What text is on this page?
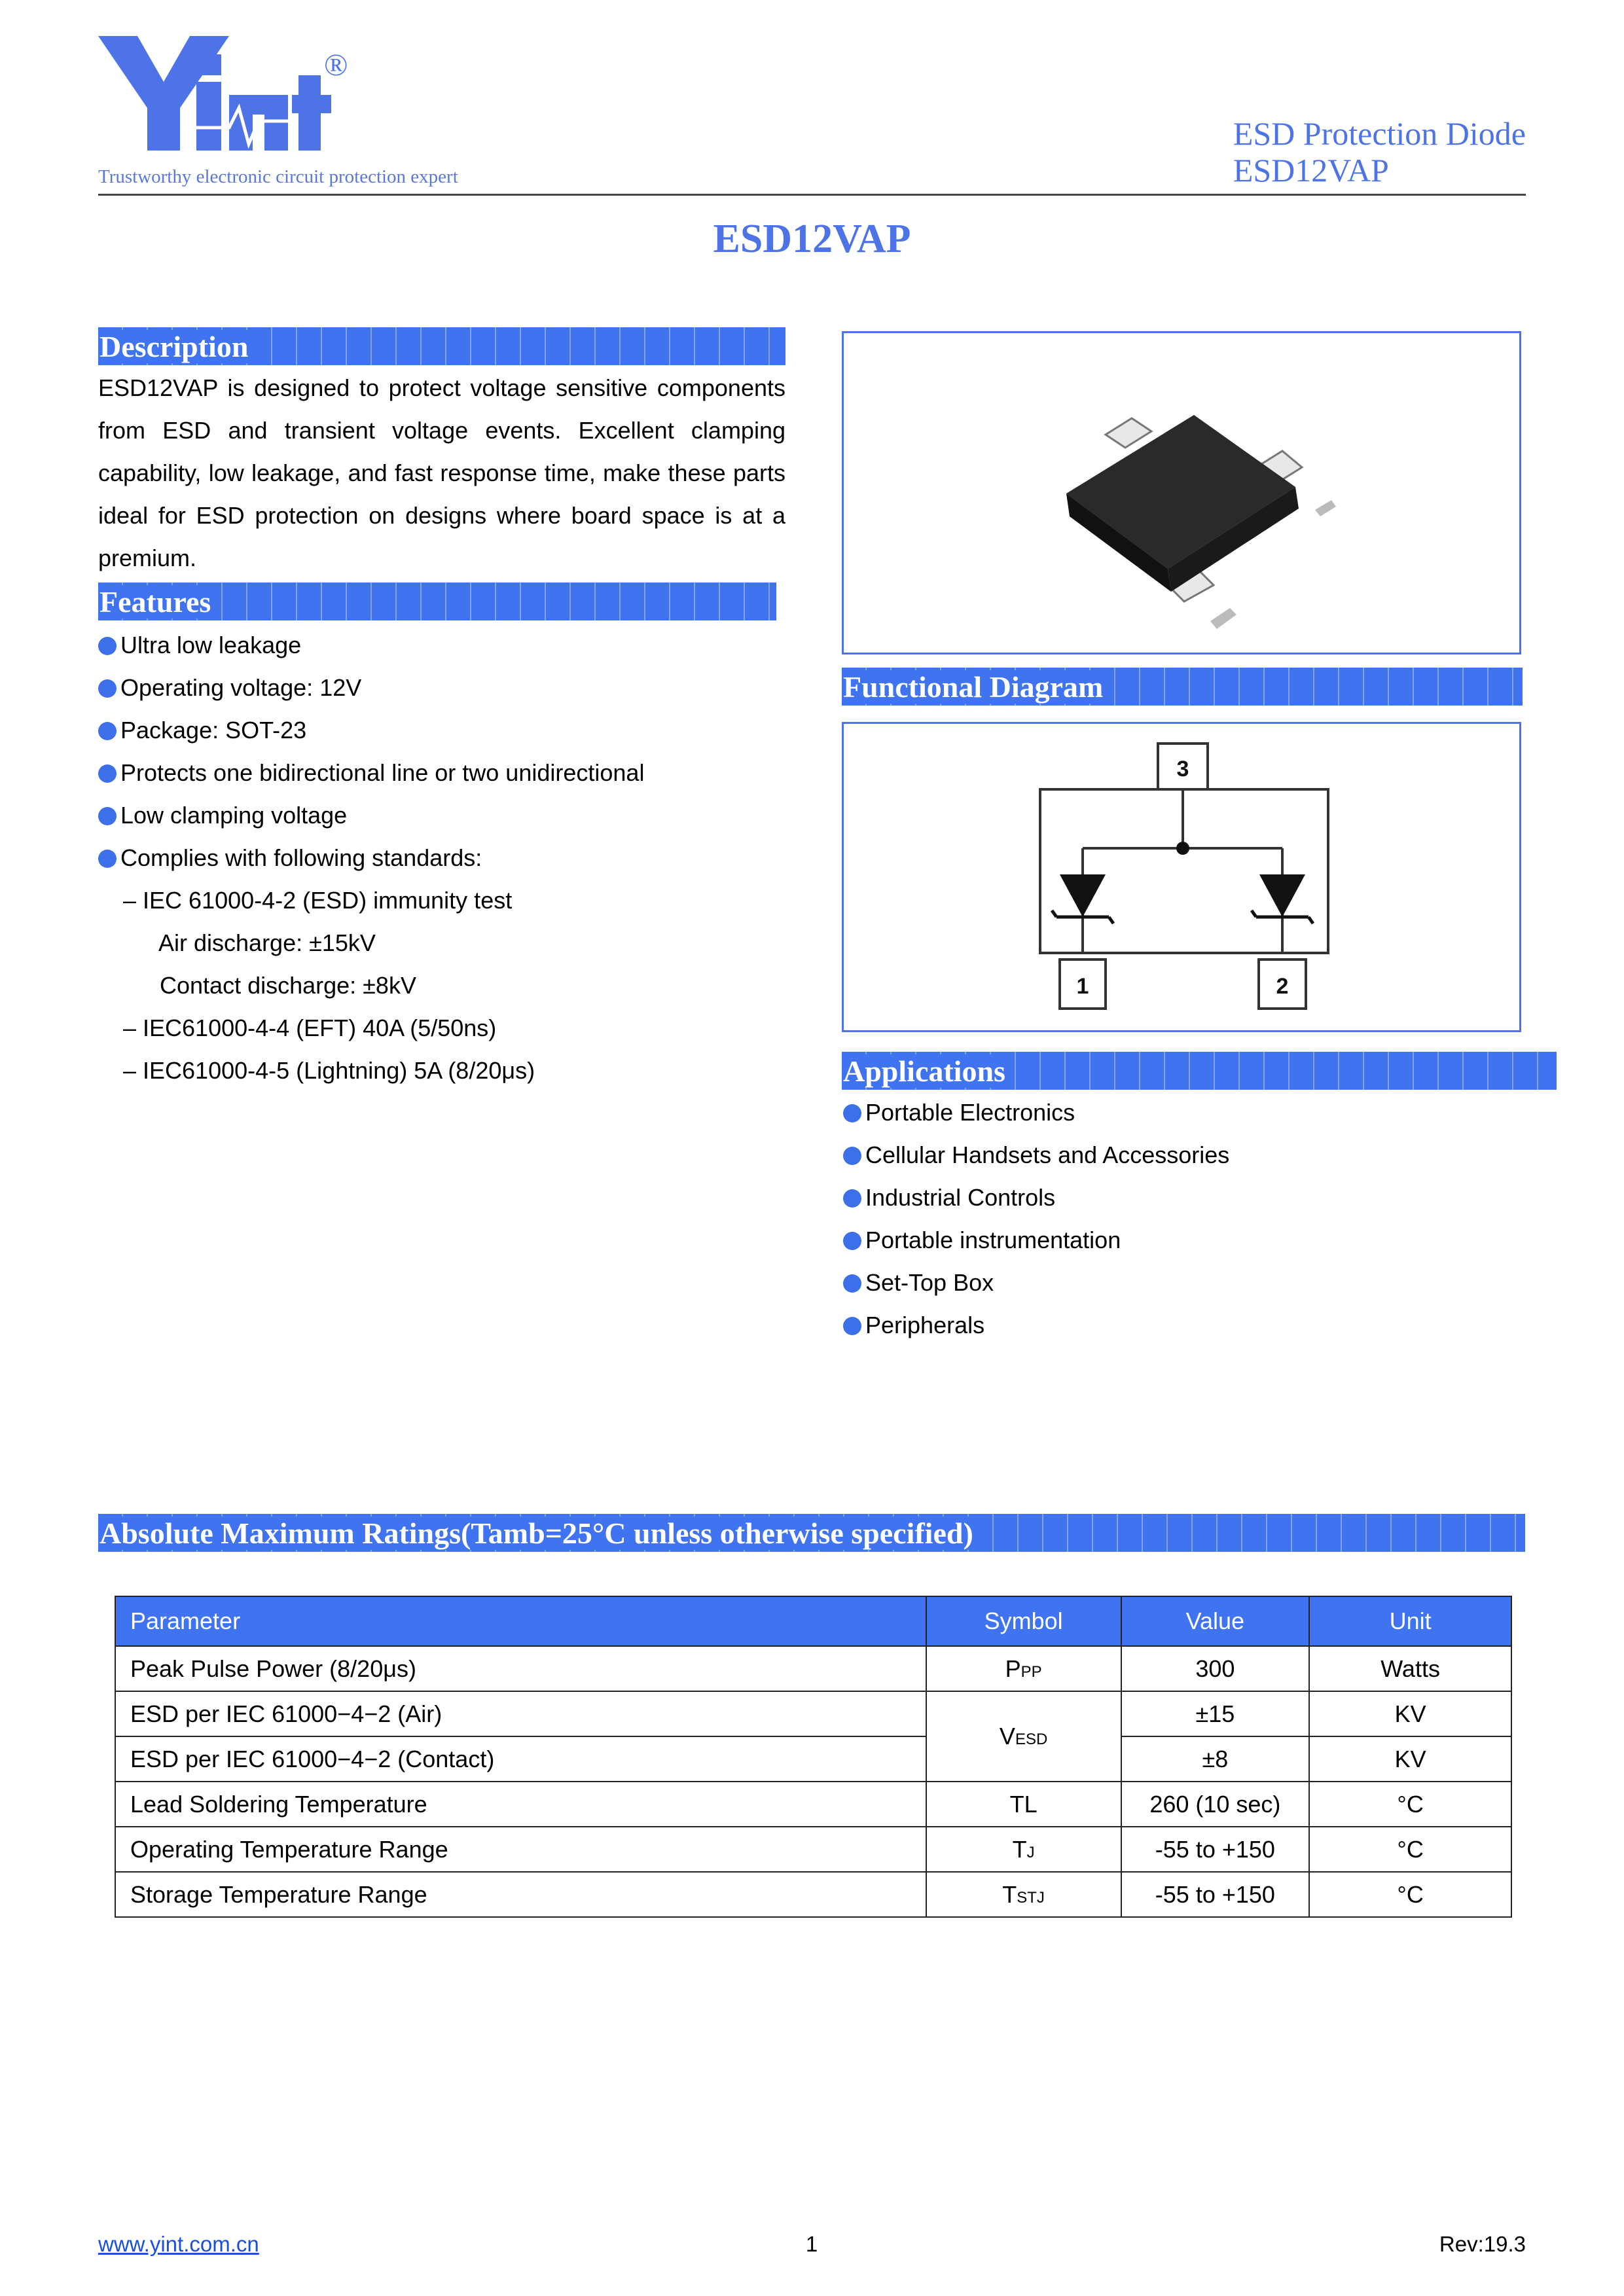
®
Trustworthy electronic circuit protection expert
ESD Protection Diode
ESD12VAP
ESD12VAP
Description
ESD12VAP is designed to protect voltage sensitive components from ESD and transient voltage events. Excellent clamping capability, low leakage, and fast response time, make these parts ideal for ESD protection on designs where board space is at a premium.
Features
Ultra low leakage
Operating voltage: 12V
Package: SOT-23
Protects one bidirectional line or two unidirectional
Low clamping voltage
Complies with following standards:
– IEC 61000-4-2 (ESD) immunity test
Air discharge: ±15kV
Contact discharge: ±8kV
– IEC61000-4-4 (EFT) 40A (5/50ns)
– IEC61000-4-5 (Lightning) 5A (8/20μs)
Functional Diagram
3
1	2
Applications
Portable Electronics
Cellular Handsets and Accessories
Industrial Controls
Portable instrumentation
Set-Top Box
Peripherals
Absolute Maximum Ratings(Tamb=25°C unless otherwise specified)
Parameter	Symbol	Value	Unit
Peak Pulse Power (8/20μs)	PPP	300	Watts
ESD per IEC 61000−4−2 (Air)	VESD	±15	KV
ESD per IEC 61000−4−2 (Contact)		±8	KV
Lead Soldering Temperature	TL	260 (10 sec)	°C
Operating Temperature Range	TJ	-55 to +150	°C
Storage Temperature Range	TSTJ	-55 to +150	°C
www.yint.com.cn	1	Rev:19.3
